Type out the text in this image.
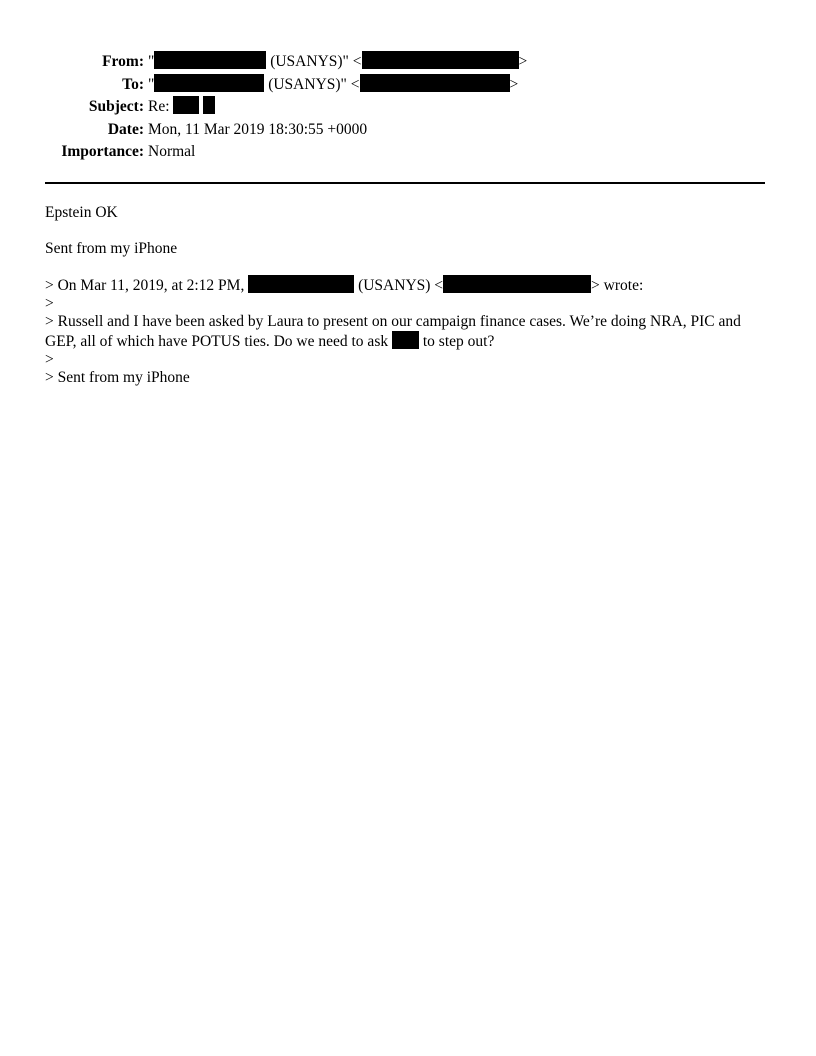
From: "	(USANYS)" <	>
To: "	(USANYS)" <	>
Subject: Re:
Date: Mon, 11 Mar 2019 18:30:55 +0000
Importance: Normal

Epstein OK

Sent from my iPhone

> On Mar 11, 2019, at 2:12 PM,	(USANYS) <	> wrote:

>

> Russell and I have been asked by Laura to present on our campaign finance cases. We’re doing NRA, PIC and

GEP, all of which have POTUS ties. Do we need to ask  to step out?

>

> Sent from my iPhone
